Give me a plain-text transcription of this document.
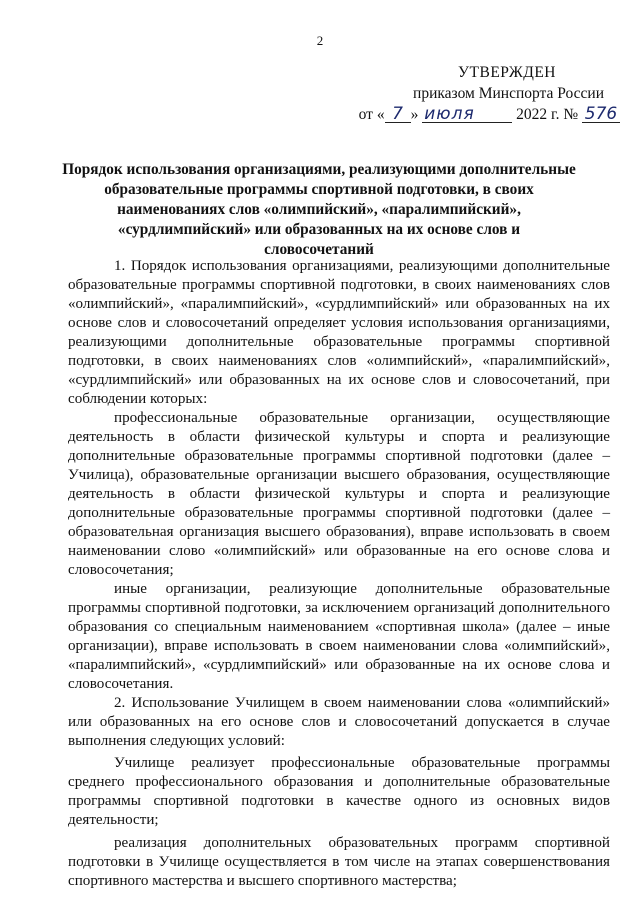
2
УТВЕРЖДЕН
приказом Минспорта России
от « 7 » июля	2022 г. № 576
Порядок использования организациями, реализующими дополнительные образовательные программы спортивной подготовки, в своих наименованиях слов «олимпийский», «паралимпийский», «сурдлимпийский» или образованных на их основе слов и словосочетаний

1. Порядок использования организациями, реализующими дополнительные образовательные программы спортивной подготовки, в своих наименованиях слов «олимпийский», «паралимпийский», «сурдлимпийский» или образованных на их основе слов и словосочетаний определяет условия использования организациями, реализующими дополнительные образовательные программы спортивной подготовки, в своих наименованиях слов «олимпийский», «паралимпийский», «сурдлимпийский» или образованных на их основе слов и словосочетаний, при соблюдении которых:

профессиональные образовательные организации, осуществляющие деятельность в области физической культуры и спорта и реализующие дополнительные образовательные программы спортивной подготовки (далее – Училица), образовательные организации высшего образования, осуществляющие деятельность в области физической культуры и спорта и реализующие дополнительные образовательные программы спортивной подготовки (далее – образовательная организация высшего образования), вправе использовать в своем наименовании слово «олимпийский» или образованные на его основе слова и словосочетания;

иные организации, реализующие дополнительные образовательные программы спортивной подготовки, за исключением организаций дополнительного образования со специальным наименованием «спортивная школа» (далее – иные организации), вправе использовать в своем наименовании слова «олимпийский», «паралимпийский», «сурдлимпийский» или образованные на их основе слова и словосочетания.

2. Использование Училищем в своем наименовании слова «олимпийский» или образованных на его основе слов и словосочетаний допускается в случае выполнения следующих условий:

Училище реализует профессиональные образовательные программы среднего профессионального образования и дополнительные образовательные программы спортивной подготовки в качестве одного из основных видов деятельности;

реализация дополнительных образовательных программ спортивной подготовки в Училище осуществляется в том числе на этапах совершенствования спортивного мастерства и высшего спортивного мастерства;
